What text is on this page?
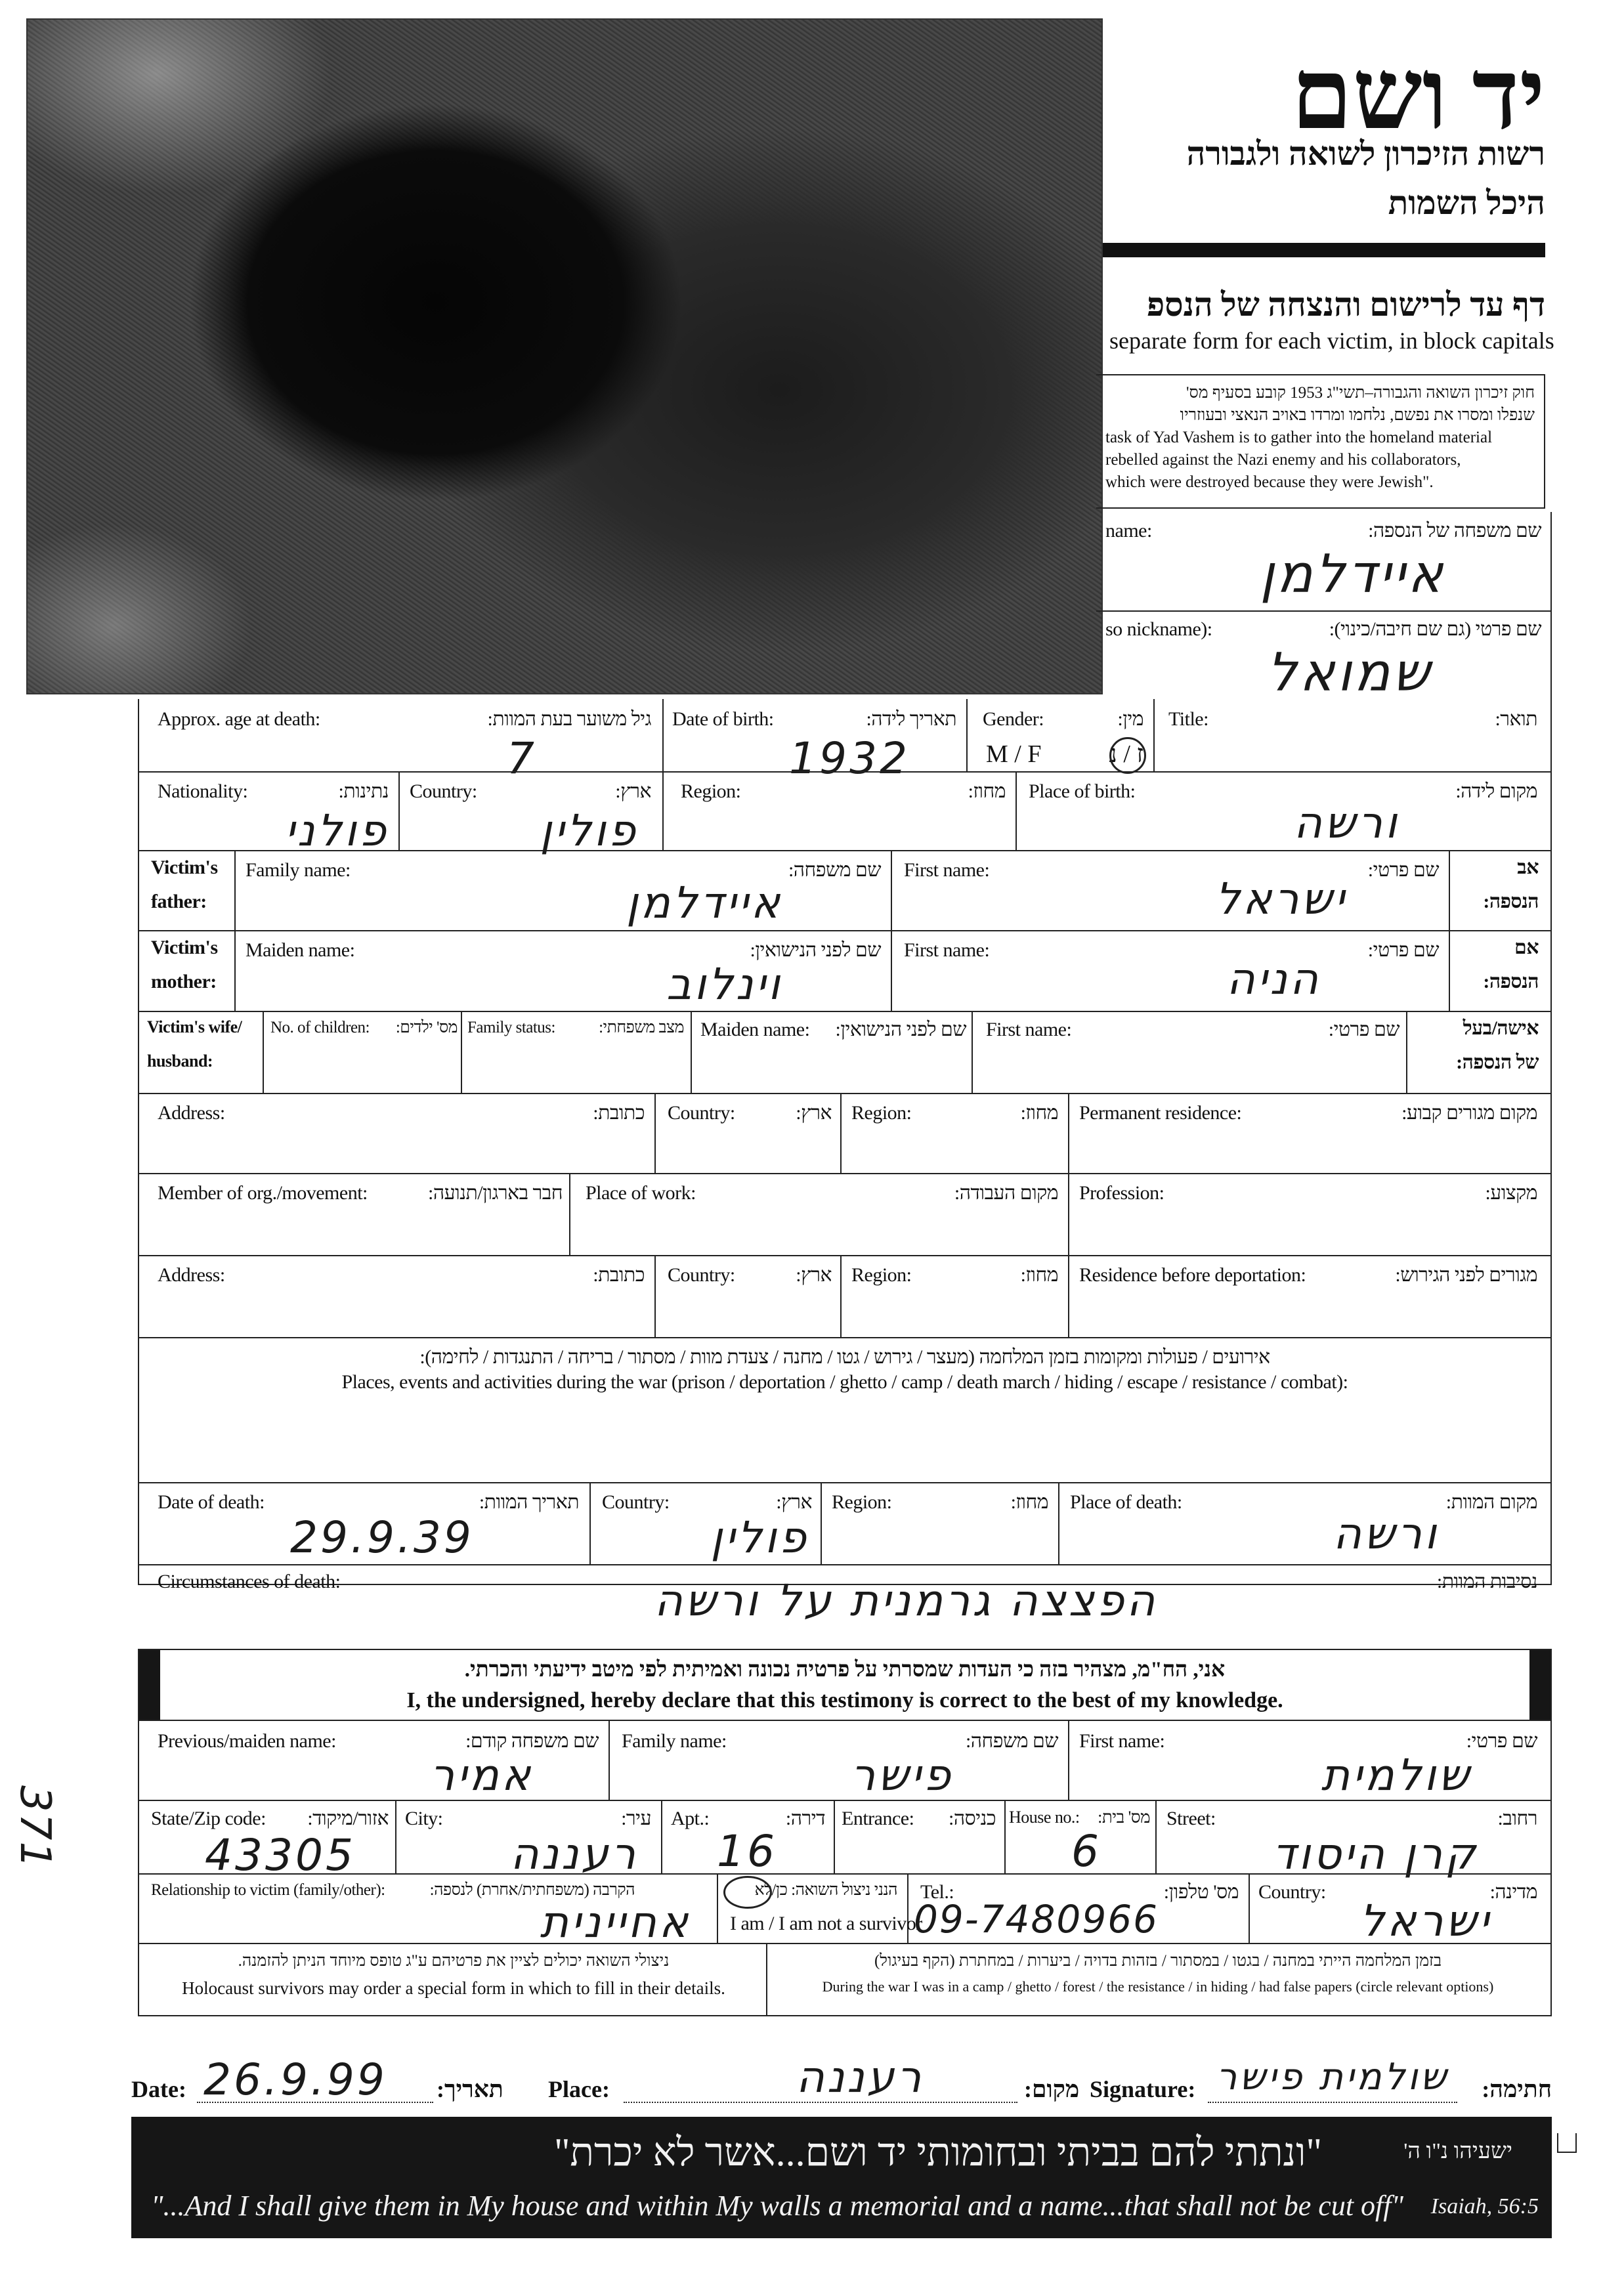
יד ושם
רשות הזיכרון לשואה ולגבורה
היכל השמות
דף עד לרישום והנצחה של הנספ
separate form for each victim, in block capitals
חוק זיכרון השואה והגבורה–תשי"ג 1953 קובע בסעיף מס'
שנפלו ומסרו את נפשם, נלחמו ומרדו באויב הנאצי ובעוזריו
task of Yad Vashem is to gather into the homeland material
rebelled against the Nazi enemy and his collaborators,
which were destroyed because they were Jewish".
name:	שם משפחה של הנספה:
איידלמן
so nickname):	שם פרטי (גם שם חיבה/כינוי):
שמואל
Approx. age at death:	גיל משוער בעת המוות:
7
Date of birth:	תאריך לידה:
1932
Gender:	מין:
M / F	ז / נ
Title:	תואר:
Nationality:	נתינות:
פולני
Country:	ארץ:
פולין
Region:	מחוז: Place of birth:	מקום לידה:
ורשה
Victim's
father:
Family name:	שם משפחה:
איידלמן
First name:	שם פרטי:
ישראל
אב
הנספה:
Victim's
mother:
Maiden name:	שם לפני הנישואין:
וינלוב
First name:	שם פרטי:
הניה
אם
הנספה:
Victim's wife/
husband:
No. of children:	מס' ילדים: Family status:	מצב משפחתי: Maiden name:	שם לפני הנישואין: First name:	שם פרטי:	אישה/בעל
של הנספה:
Address:	כתובת: Country:	ארץ: Region:	מחוז: Permanent residence:	מקום מגורים קבוע:
Member of org./movement:	חבר בארגון/תנועה: Place of work:	מקום העבודה: Profession:	מקצוע:
Address:	כתובת: Country:	ארץ: Region:	מחוז: Residence before deportation:	מגורים לפני הגירוש:
אירועים / פעולות ומקומות בזמן המלחמה (מעצר / גירוש / גטו / מחנה / צעדת מוות / מסתור / בריחה / התנגדות / לחימה):
Places, events and activities during the war (prison / deportation / ghetto / camp / death march / hiding / escape / resistance / combat):
Date of death:	תאריך המוות:
29.9.39
Country:	ארץ:
פולין
Region:	מחוז: Place of death:	מקום המוות:
ורשה
Circumstances of death:	נסיבות המוות:
הפצצה גרמנית על ורשה
אני, הח"מ, מצהיר בזה כי העדות שמסרתי על פרטיה נכונה ואמיתית לפי מיטב ידיעתי והכרתי.
I, the undersigned, hereby declare that this testimony is correct to the best of my knowledge.
Previous/maiden name:	שם משפחה קודם:
אמיר
Family name:	שם משפחה:
פישר
First name:	שם פרטי:
שולמית
State/Zip code:	אזור/מיקוד:
43305
City:	עיר:
רעננה
Apt.:	דירה:
16
Entrance:	כניסה: House no.:	מס' בית:
6
Street:	רחוב:
קרן היסוד
Relationship to victim (family/other):	הקרבה (משפחתית/אחרת) לנספה:
אחיינית
הנני ניצול השואה: כן/לא
I am / I am not a survivor
Tel.:	מס' טלפון:
09-7480966
Country:	מדינה:
ישראל
ניצולי השואה יכולים לציין את פרטיהם ע"ג טופס מיוחד הניתן להזמנה.
Holocaust survivors may order a special form in which to fill in their details.
בזמן המלחמה הייתי במחנה / בגטו / במסתור / בזהות בדויה / ביערות / במחתרת (הקף בעיגול)
During the war I was in a camp / ghetto / forest / the resistance / in hiding / had false papers (circle relevant options)
371
Date: 26.9.99 תאריך: Place:	רעננה	מקום: Signature: שולמית פישר	חתימה:
"ונתתי להם בביתי ובחומותי יד ושם...אשר לא יכרת"	ישעיהו נ"ו ה'
"...And I shall give them in My house and within My walls a memorial and a name...that shall not be cut off" Isaiah, 56:5
